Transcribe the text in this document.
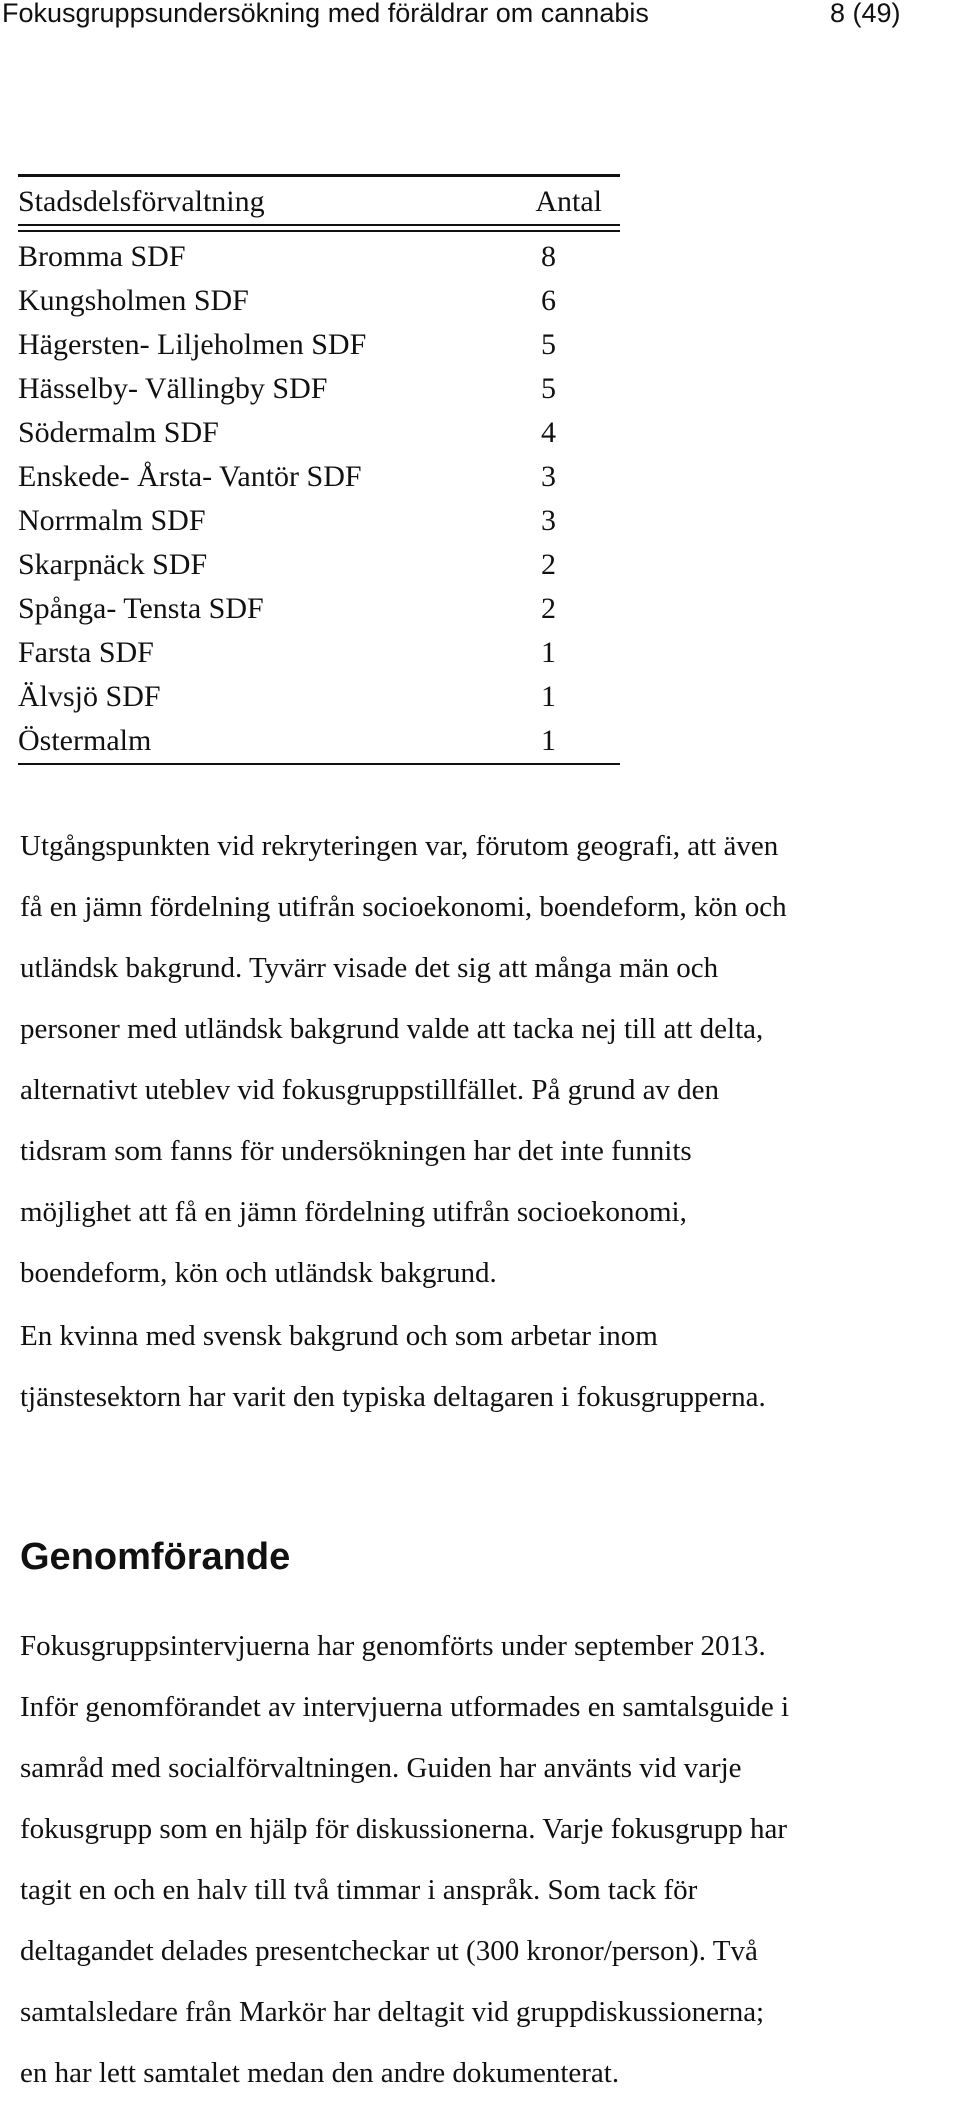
Fokusgruppsundersökning med föräldrar om cannabis	8 (49)
Stadsdelsförvaltning	Antal
Bromma SDF	8
Kungsholmen SDF	6
Hägersten- Liljeholmen SDF	5
Hässelby- Vällingby SDF	5
Södermalm SDF	4
Enskede- Årsta- Vantör SDF	3
Norrmalm SDF	3
Skarpnäck SDF	2
Spånga- Tensta SDF	2
Farsta SDF	1
Älvsjö SDF	1
Östermalm	1
Utgångspunkten vid rekryteringen var, förutom geografi, att även
få en jämn fördelning utifrån socioekonomi, boendeform, kön och
utländsk bakgrund. Tyvärr visade det sig att många män och
personer med utländsk bakgrund valde att tacka nej till att delta,
alternativt uteblev vid fokusgruppstillfället. På grund av den
tidsram som fanns för undersökningen har det inte funnits
möjlighet att få en jämn fördelning utifrån socioekonomi,
boendeform, kön och utländsk bakgrund.
En kvinna med svensk bakgrund och som arbetar inom
tjänstesektorn har varit den typiska deltagaren i fokusgrupperna.
Genomförande
Fokusgruppsintervjuerna har genomförts under september 2013.
Inför genomförandet av intervjuerna utformades en samtalsguide i
samråd med socialförvaltningen. Guiden har använts vid varje
fokusgrupp som en hjälp för diskussionerna. Varje fokusgrupp har
tagit en och en halv till två timmar i anspråk. Som tack för
deltagandet delades presentcheckar ut (300 kronor/person). Två
samtalsledare från Markör har deltagit vid gruppdiskussionerna;
en har lett samtalet medan den andre dokumenterat.
